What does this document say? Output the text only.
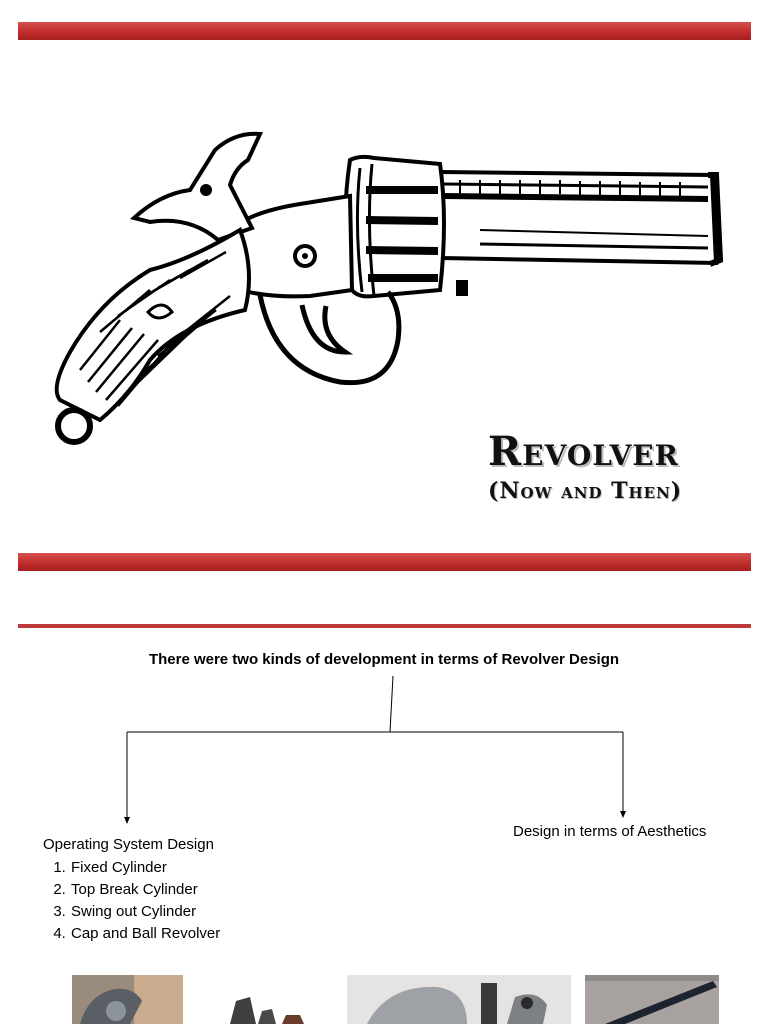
Revolver
(Now and Then)
There were two kinds of development in terms of Revolver Design
Design in terms of Aesthetics
Operating System Design
1. Fixed Cylinder
2. Top Break Cylinder
3. Swing out Cylinder
4. Cap and Ball Revolver
